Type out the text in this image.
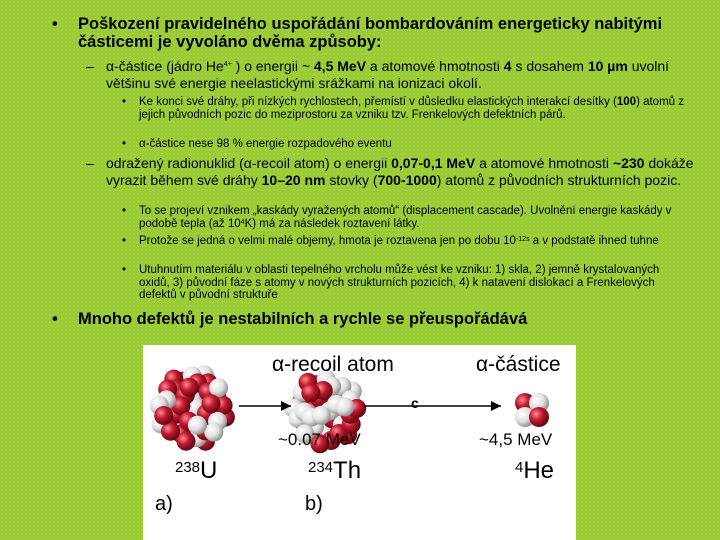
• Poškození pravidelného uspořádání bombardováním energeticky nabitými částicemi je vyvoláno dvěma způsoby:
– α-částice (jádro $He^{4+}$ ) o energii ~ 4,5 MeV a atomové hmotnosti 4 s dosahem 10 µm uvolní většinu své energie neelastickými srážkami na ionizaci okolí.
• Ke konci své dráhy, při nízkých rychlostech, přemístí v důsledku elastických interakcí desítky (100) atomů z jejich původních pozic do meziprostoru za vzniku tzv. Frenkelových defektních párů.
• α-částice nese 98 % energie rozpadového eventu
– odražený radionuklid (α-recoil atom) o energii 0,07-0,1 MeV a atomové hmotnosti ~230 dokáže vyrazit během své dráhy 10–20 nm stovky (700-1000) atomů z původních strukturních pozic.
• To se projeví vznikem „kaskády vyražených atomů“ (displacement cascade). Uvolnění energie kaskády v podobě tepla (až $10^4K$) má za následek roztavení látky.
• Protože se jedná o velmi malé objemy, hmota je roztavena jen po dobu $10^{-12s}$ a v podstatě ihned tuhne
• Utuhnutím materiálu v oblasti tepelného vrcholu může vést ke vzniku: 1) skla, 2) jemně krystalovaných oxidů, 3) původní fáze s atomy v nových strukturních pozicích, 4) k natavení dislokací a Frenkelových defektů v původní struktuře
• Mnoho defektů je nestabilních a rychle se přeuspořádává
α-recoil atom	α-částice
c
~0.07 MeV	~4,5 MeV
$^{238}$U	$^{234}$Th	$^4$He
a)	b)
